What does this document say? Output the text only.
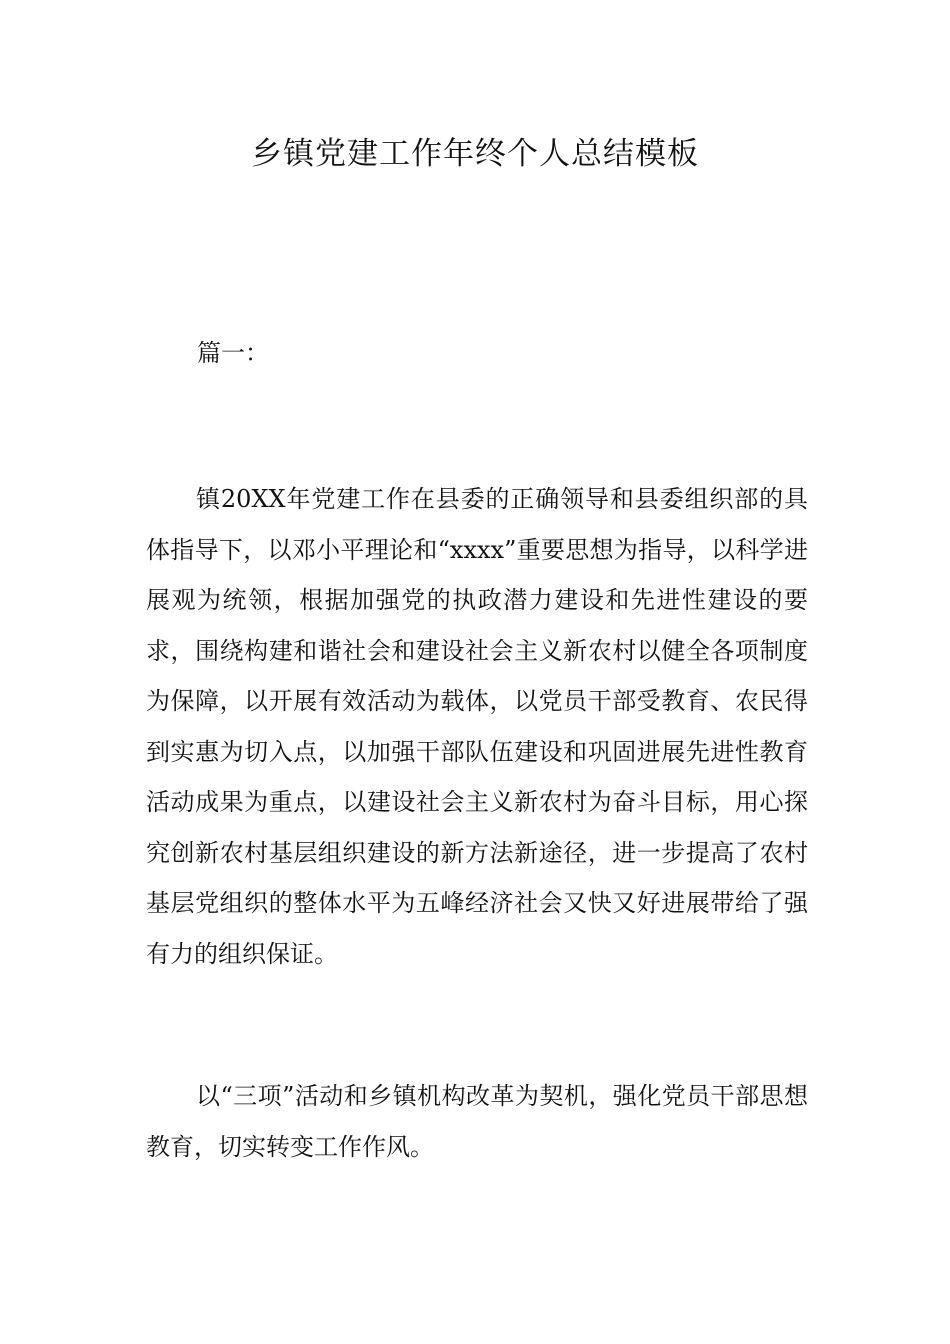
乡镇党建工作年终个人总结模板

篇一：

镇20XX年党建工作在县委的正确领导和县委组织部的具体指导下，以邓小平理论和“xxxx”重要思想为指导，以科学进展观为统领，根据加强党的执政潜力建设和先进性建设的要求，围绕构建和谐社会和建设社会主义新农村以健全各项制度为保障，以开展有效活动为载体，以党员干部受教育、农民得到实惠为切入点，以加强干部队伍建设和巩固进展先进性教育活动成果为重点，以建设社会主义新农村为奋斗目标，用心探究创新农村基层组织建设的新方法新途径，进一步提高了农村基层党组织的整体水平为五峰经济社会又快又好进展带给了强有力的组织保证。

以“三项”活动和乡镇机构改革为契机，强化党员干部思想教育，切实转变工作作风。
